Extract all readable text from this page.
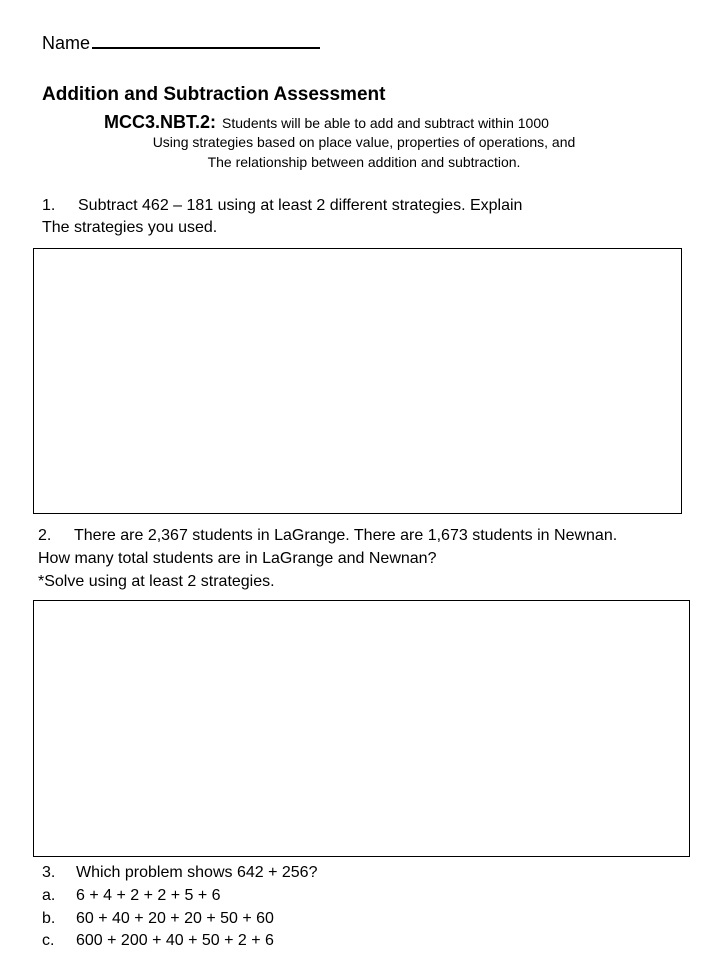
Name
Addition and Subtraction Assessment
MCC3.NBT.2: Students will be able to add and subtract within 1000
Using strategies based on place value, properties of operations, and
The relationship between addition and subtraction.
1. Subtract 462 – 181 using at least 2 different strategies. Explain
The strategies you used.
2. There are 2,367 students in LaGrange. There are 1,673 students in Newnan.
How many total students are in LaGrange and Newnan?
*Solve using at least 2 strategies.
3. Which problem shows 642 + 256?
a. 6 + 4 + 2 + 2 + 5 + 6
b. 60 + 40 + 20 + 20 + 50 + 60
c. 600 + 200 + 40 + 50 + 2 + 6
